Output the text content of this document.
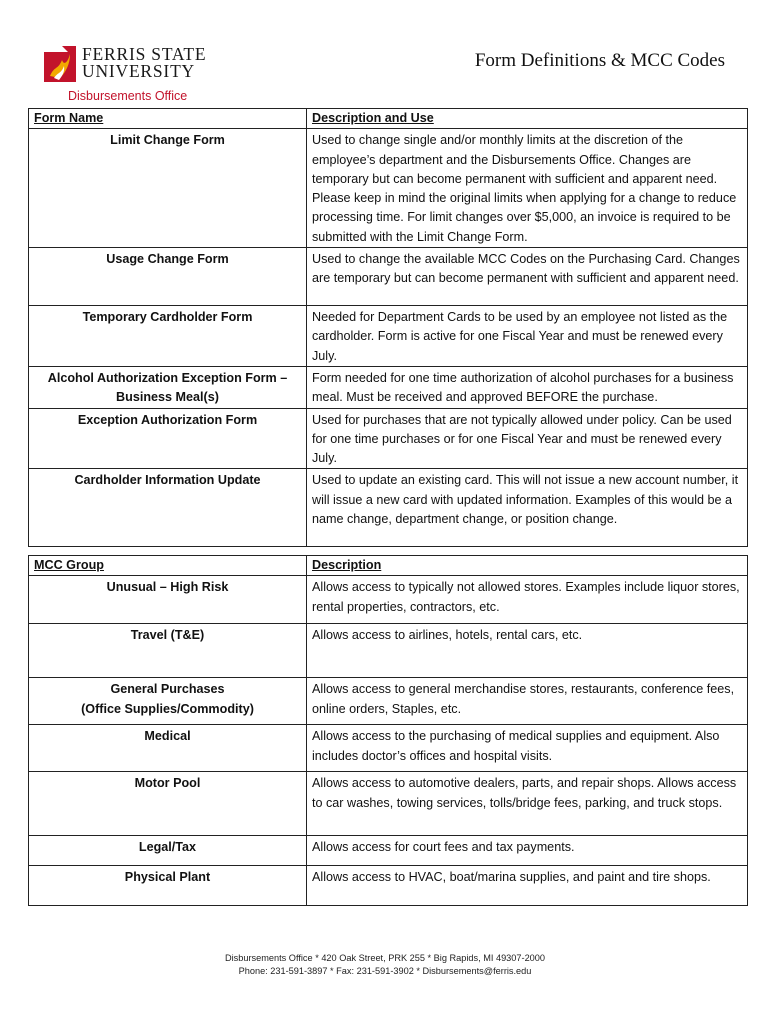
FERRIS STATE
UNIVERSITY
Disbursements Office
Form Definitions & MCC Codes
Form Name	Description and Use
Limit Change Form	Used to change single and/or monthly limits at the discretion of the employee’s department and the Disbursements Office. Changes are temporary but can become permanent with sufficient and apparent need. Please keep in mind the original limits when applying for a change to reduce processing time. For limit changes over $5,000, an invoice is required to be submitted with the Limit Change Form.
Usage Change Form	Used to change the available MCC Codes on the Purchasing Card. Changes are temporary but can become permanent with sufficient and apparent need.
Temporary Cardholder Form	Needed for Department Cards to be used by an employee not listed as the cardholder. Form is active for one Fiscal Year and must be renewed every July.
Alcohol Authorization Exception Form – Business Meal(s)	Form needed for one time authorization of alcohol purchases for a business meal. Must be received and approved BEFORE the purchase.
Exception Authorization Form	Used for purchases that are not typically allowed under policy. Can be used for one time purchases or for one Fiscal Year and must be renewed every July.
Cardholder Information Update	Used to update an existing card. This will not issue a new account number, it will issue a new card with updated information. Examples of this would be a name change, department change, or position change.
MCC Group	Description
Unusual – High Risk	Allows access to typically not allowed stores. Examples include liquor stores, rental properties, contractors, etc.
Travel (T&E)	Allows access to airlines, hotels, rental cars, etc.
General Purchases
(Office Supplies/Commodity)	Allows access to general merchandise stores, restaurants, conference fees, online orders, Staples, etc.
Medical	Allows access to the purchasing of medical supplies and equipment. Also includes doctor’s offices and hospital visits.
Motor Pool	Allows access to automotive dealers, parts, and repair shops. Allows access to car washes, towing services, tolls/bridge fees, parking, and truck stops.
Legal/Tax	Allows access for court fees and tax payments.
Physical Plant	Allows access to HVAC, boat/marina supplies, and paint and tire shops.
Disbursements Office * 420 Oak Street, PRK 255 * Big Rapids, MI 49307-2000
Phone: 231-591-3897 * Fax: 231-591-3902 * Disbursements@ferris.edu
